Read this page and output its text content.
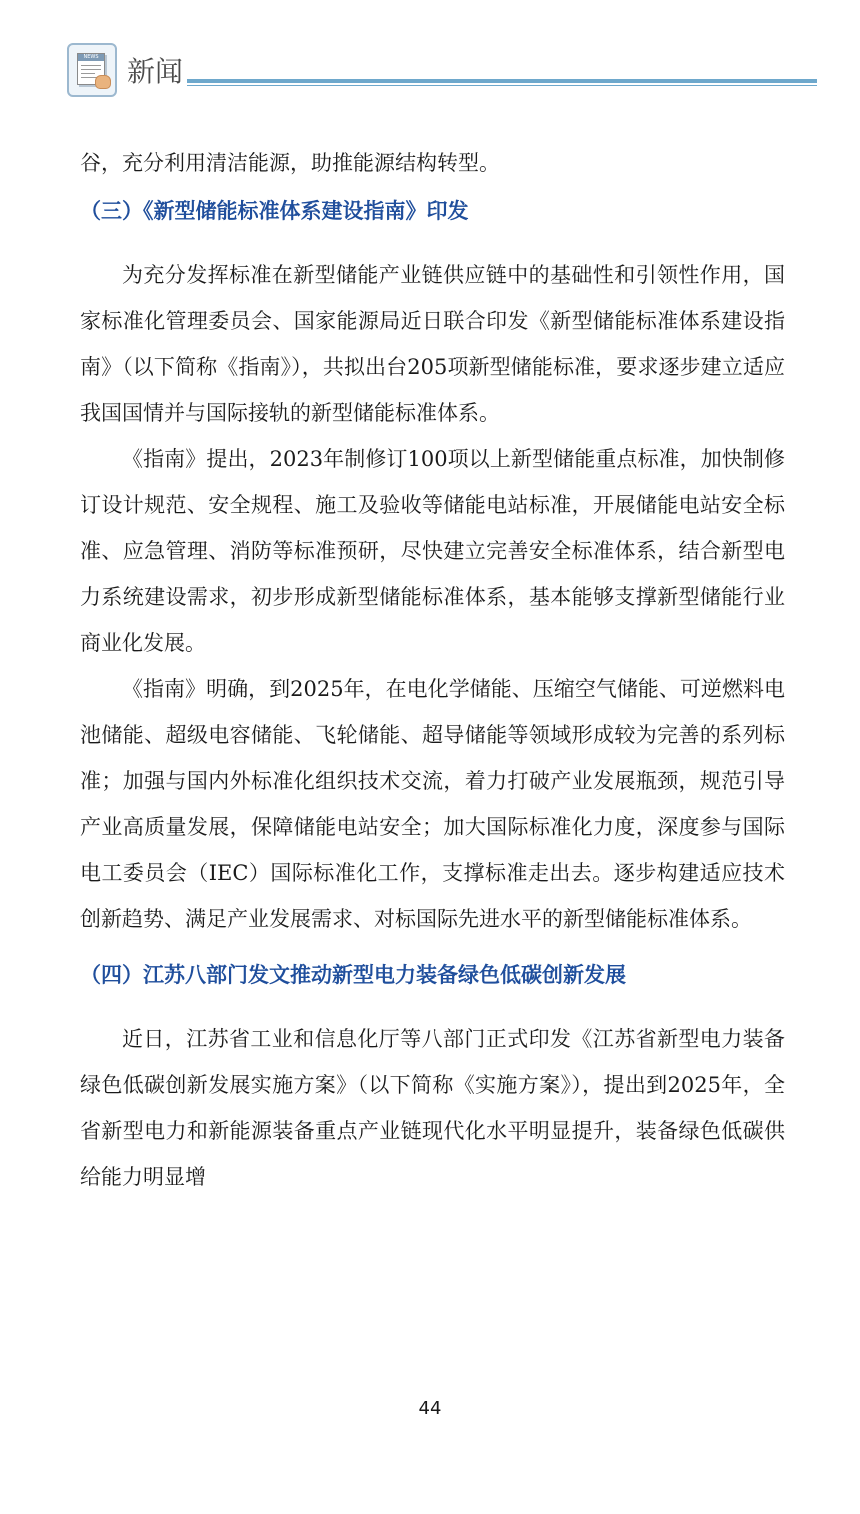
NEWS 新闻

谷，充分利用清洁能源，助推能源结构转型。

（三）《新型储能标准体系建设指南》印发

为充分发挥标准在新型储能产业链供应链中的基础性和引领性作用，国家标准化管理委员会、国家能源局近日联合印发《新型储能标准体系建设指南》（以下简称《指南》），共拟出台205项新型储能标准，要求逐步建立适应我国国情并与国际接轨的新型储能标准体系。

《指南》提出，2023年制修订100项以上新型储能重点标准，加快制修订设计规范、安全规程、施工及验收等储能电站标准，开展储能电站安全标准、应急管理、消防等标准预研，尽快建立完善安全标准体系，结合新型电力系统建设需求，初步形成新型储能标准体系，基本能够支撑新型储能行业商业化发展。

《指南》明确，到2025年，在电化学储能、压缩空气储能、可逆燃料电池储能、超级电容储能、飞轮储能、超导储能等领域形成较为完善的系列标准；加强与国内外标准化组织技术交流，着力打破产业发展瓶颈，规范引导产业高质量发展，保障储能电站安全；加大国际标准化力度，深度参与国际电工委员会（IEC）国际标准化工作，支撑标准走出去。逐步构建适应技术创新趋势、满足产业发展需求、对标国际先进水平的新型储能标准体系。

（四）江苏八部门发文推动新型电力装备绿色低碳创新发展

近日，江苏省工业和信息化厅等八部门正式印发《江苏省新型电力装备绿色低碳创新发展实施方案》（以下简称《实施方案》），提出到2025年，全省新型电力和新能源装备重点产业链现代化水平明显提升，装备绿色低碳供给能力明显增

44
